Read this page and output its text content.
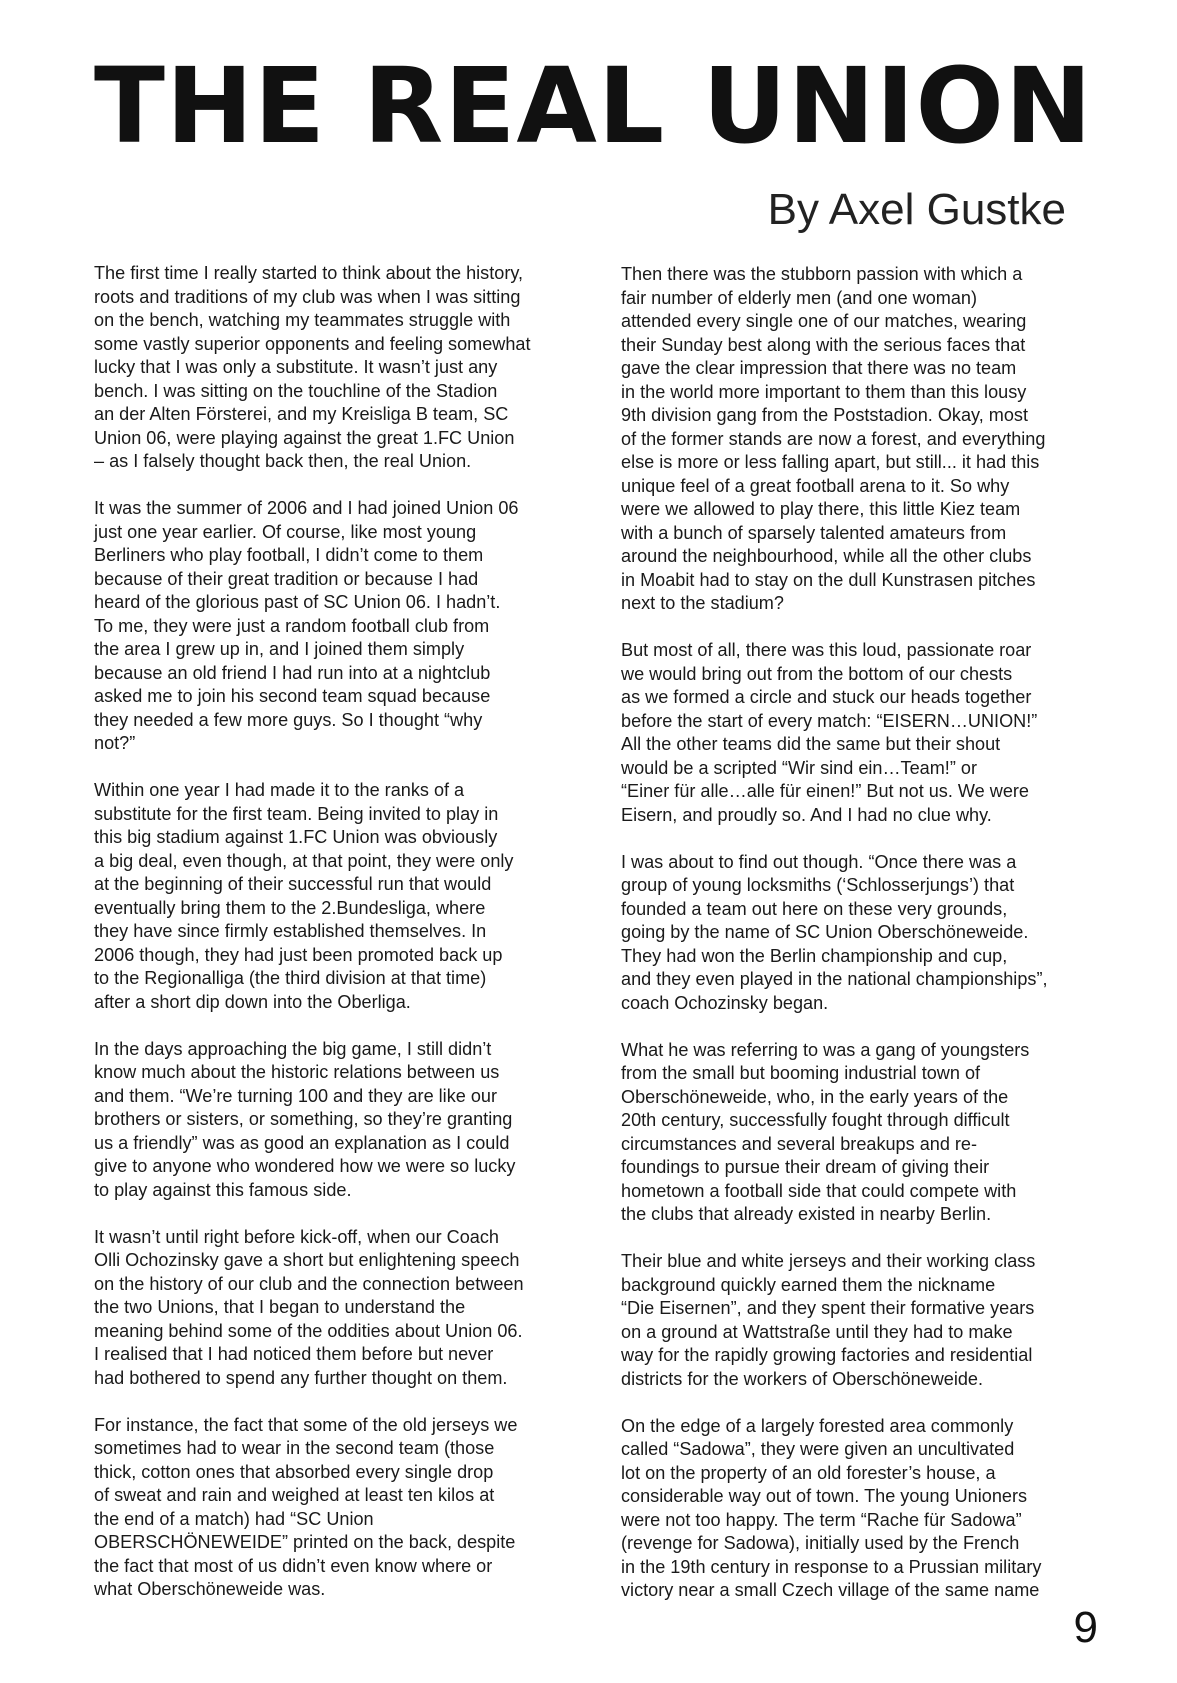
THE REAL UNION
By Axel Gustke

The first time I really started to think about the history,
roots and traditions of my club was when I was sitting
on the bench, watching my teammates struggle with
some vastly superior opponents and feeling somewhat
lucky that I was only a substitute. It wasn’t just any
bench. I was sitting on the touchline of the Stadion
an der Alten Försterei, and my Kreisliga B team, SC
Union 06, were playing against the great 1.FC Union
– as I falsely thought back then, the real Union.

It was the summer of 2006 and I had joined Union 06
just one year earlier. Of course, like most young
Berliners who play football, I didn’t come to them
because of their great tradition or because I had
heard of the glorious past of SC Union 06. I hadn’t.
To me, they were just a random football club from
the area I grew up in, and I joined them simply
because an old friend I had run into at a nightclub
asked me to join his second team squad because
they needed a few more guys. So I thought “why
not?”

Within one year I had made it to the ranks of a
substitute for the first team. Being invited to play in
this big stadium against 1.FC Union was obviously
a big deal, even though, at that point, they were only
at the beginning of their successful run that would
eventually bring them to the 2.Bundesliga, where
they have since firmly established themselves. In
2006 though, they had just been promoted back up
to the Regionalliga (the third division at that time)
after a short dip down into the Oberliga.

In the days approaching the big game, I still didn’t
know much about the historic relations between us
and them. “We’re turning 100 and they are like our
brothers or sisters, or something, so they’re granting
us a friendly” was as good an explanation as I could
give to anyone who wondered how we were so lucky
to play against this famous side.

It wasn’t until right before kick-off, when our Coach
Olli Ochozinsky gave a short but enlightening speech
on the history of our club and the connection between
the two Unions, that I began to understand the
meaning behind some of the oddities about Union 06.
I realised that I had noticed them before but never
had bothered to spend any further thought on them.

For instance, the fact that some of the old jerseys we
sometimes had to wear in the second team (those
thick, cotton ones that absorbed every single drop
of sweat and rain and weighed at least ten kilos at
the end of a match) had “SC Union
OBERSCHÖNEWEIDE” printed on the back, despite
the fact that most of us didn’t even know where or
what Oberschöneweide was.

Then there was the stubborn passion with which a
fair number of elderly men (and one woman)
attended every single one of our matches, wearing
their Sunday best along with the serious faces that
gave the clear impression that there was no team
in the world more important to them than this lousy
9th division gang from the Poststadion. Okay, most
of the former stands are now a forest, and everything
else is more or less falling apart, but still... it had this
unique feel of a great football arena to it. So why
were we allowed to play there, this little Kiez team
with a bunch of sparsely talented amateurs from
around the neighbourhood, while all the other clubs
in Moabit had to stay on the dull Kunstrasen pitches
next to the stadium?

But most of all, there was this loud, passionate roar
we would bring out from the bottom of our chests
as we formed a circle and stuck our heads together
before the start of every match: “EISERN…UNION!”
All the other teams did the same but their shout
would be a scripted “Wir sind ein…Team!” or
“Einer für alle…alle für einen!” But not us. We were
Eisern, and proudly so. And I had no clue why.

I was about to find out though. “Once there was a
group of young locksmiths (‘Schlosserjungs’) that
founded a team out here on these very grounds,
going by the name of SC Union Oberschöneweide.
They had won the Berlin championship and cup,
and they even played in the national championships”,
coach Ochozinsky began.

What he was referring to was a gang of youngsters
from the small but booming industrial town of
Oberschöneweide, who, in the early years of the
20th century, successfully fought through difficult
circumstances and several breakups and re-
foundings to pursue their dream of giving their
hometown a football side that could compete with
the clubs that already existed in nearby Berlin.

Their blue and white jerseys and their working class
background quickly earned them the nickname
“Die Eisernen”, and they spent their formative years
on a ground at Wattstraße until they had to make
way for the rapidly growing factories and residential
districts for the workers of Oberschöneweide.

On the edge of a largely forested area commonly
called “Sadowa”, they were given an uncultivated
lot on the property of an old forester’s house, a
considerable way out of town. The young Unioners
were not too happy. The term “Rache für Sadowa”
(revenge for Sadowa), initially used by the French
in the 19th century in response to a Prussian military
victory near a small Czech village of the same name

9
